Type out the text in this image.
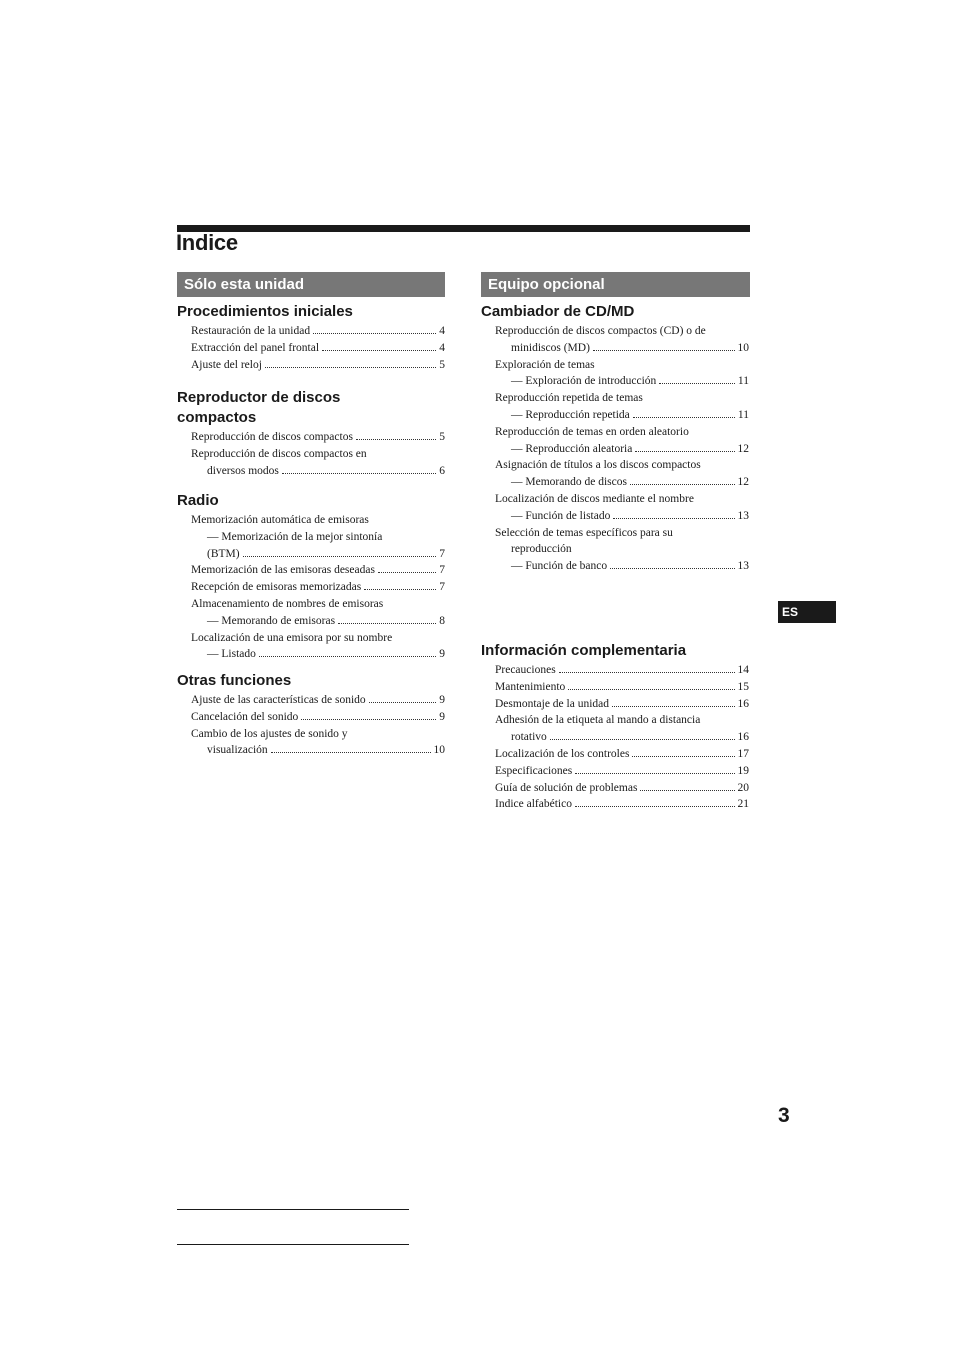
Indice
Sólo esta unidad
Procedimientos iniciales
Restauración de la unidad	4
Extracción del panel frontal	4
Ajuste del reloj	5
Reproductor de discos
compactos
Reproducción de discos compactos	5
Reproducción de discos compactos en
diversos modos	6
Radio
Memorización automática de emisoras
— Memorización de la mejor sintonía
(BTM)	7
Memorización de las emisoras deseadas	7
Recepción de emisoras memorizadas	7
Almacenamiento de nombres de emisoras
— Memorando de emisoras	8
Localización de una emisora por su nombre
— Listado	9
Otras funciones
Ajuste de las características de sonido	9
Cancelación del sonido	9
Cambio de los ajustes de sonido y
visualización	10
Equipo opcional
Cambiador de CD/MD
Reproducción de discos compactos (CD) o de
minidiscos (MD)	10
Exploración de temas
— Exploración de introducción	11
Reproducción repetida de temas
— Reproducción repetida	11
Reproducción de temas en orden aleatorio
— Reproducción aleatoria	12
Asignación de títulos a los discos compactos
— Memorando de discos	12
Localización de discos mediante el nombre
— Función de listado	13
Selección de temas específicos para su
reproducción
— Función de banco	13
Información complementaria
Precauciones	14
Mantenimiento	15
Desmontaje de la unidad	16
Adhesión de la etiqueta al mando a distancia
rotativo	16
Localización de los controles	17
Especificaciones	19
Guía de solución de problemas	20
Indice alfabético	21
ES
3
